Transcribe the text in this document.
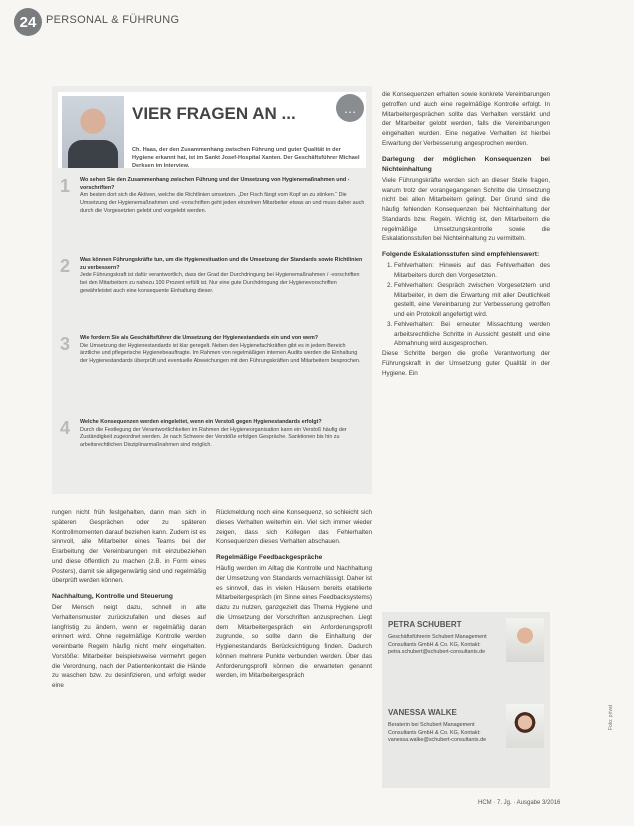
24 PERSONAL & FÜHRUNG
VIER FRAGEN AN ...	…
Ch. Haas, der den Zusammenhang zwischen Führung und guter Qualität in der Hygiene erkannt hat, ist im Sankt Josef-Hospital Xanten. Der Geschäftsführer Michael Derksen im Interview.
1 Wo sehen Sie den Zusammenhang zwischen Führung und der Umsetzung von Hygienemaßnahmen und -vorschriften?
Am besten dort sich die Aktiven, welche die Richtlinien umsetzen. „Der Fisch fängt vom Kopf an zu stinken.“ Die Umsetzung der Hygienemaßnahmen und -vorschriften geht jeden einzelnen Mitarbeiter etwas an und muss daher auch durch die Vorgesetzten gelebt und vorgelebt werden.
2 Was können Führungskräfte tun, um die Hygienesituation und die Umsetzung der Standards sowie Richtlinien zu verbessern?
Jede Führungskraft ist dafür verantwortlich, dass der Grad der Durchdringung bei Hygienemaßnahmen / -vorschriften bei den Mitarbeitern zu nahezu 100 Prozent erfüllt ist. Nur eine gute Durchdringung der Hygienevorschriften gewährleistet auch eine konsequente Einhaltung dieser.
3 Wie fordern Sie als Geschäftsführer die Umsetzung der Hygienestandards ein und von wem?
Die Umsetzung der Hygienestandards ist klar geregelt. Neben den Hygienefachkräften gibt es in jedem Bereich ärztliche und pflegerische Hygienebeauftragte. Im Rahmen von regelmäßigen internen Audits werden die Einhaltung der Hygienestandards überprüft und eventuelle Abweichungen mit den Führungskräften und Mitarbeitern besprochen.
4 Welche Konsequenzen werden eingeleitet, wenn ein Verstoß gegen Hygienestandards erfolgt?
Durch die Festlegung der Verantwortlichkeiten im Rahmen der Hygieneorganisation kann ein Verstoß häufig der Zuständigkeit zugeordnet werden. Je nach Schwere der Verstöße erfolgen Gespräche. Sanktionen bis hin zu arbeitsrechtlichen Disziplinarmaßnahmen sind möglich.

die Konsequenzen erhalten sowie konkrete Vereinbarungen getroffen und auch eine regelmäßige Kontrolle erfolgt. In Mitarbeitergesprächen sollte das Verhalten verstärkt und der Mitarbeiter gelobt werden, falls die Vereinbarungen eingehalten wurden. Eine negative Verhalten ist hierbei Erwartung der Verbesserung angesprochen werden.

Darlegung der möglichen Konsequenzen bei Nichteinhaltung

Viele Führungskräfte werden sich an dieser Stelle fragen, warum trotz der vorangegangenen Schritte die Umsetzung nicht bei allen Mitarbeitern gelingt. Der Grund sind die häufig fehlenden Konsequenzen bei Nichteinhaltung der Standards bzw. Regeln. Wichtig ist, den Mitarbeitern die regelmäßige Umsetzungskontrolle sowie die Eskalationsstufen bei Nichteinhaltung zu vermitteln.

Folgende Eskalationsstufen sind empfehlenswert:
1. Fehlverhalten: Hinweis auf das Fehlverhalten des Mitarbeiters durch den Vorgesetzten.
2. Fehlverhalten: Gespräch zwischen Vorgesetztem und Mitarbeiter, in dem die Erwartung mit aller Deutlichkeit gestellt, eine Vereinbarung zur Verbesserung getroffen und ein Protokoll angefertigt wird.
3. Fehlverhalten: Bei erneuter Missachtung werden arbeitsrechtliche Schritte in Aussicht gestellt und eine Abmahnung wird ausgesprochen.

Diese Schritte bergen die große Verantwortung der Führungskraft in der Umsetzung guter Qualität in der Hygiene. Ein

rungen nicht früh festgehalten, dann man sich in späteren Gesprächen oder zu späteren Kontrollmomenten darauf beziehen kann. Zudem ist es sinnvoll, alle Mitarbeiter eines Teams bei der Erarbeitung der Vereinbarungen mit einzubeziehen und diese öffentlich zu machen (z.B. in Form eines Posters), damit sie allgegenwärtig sind und regelmäßig überprüft werden können.

Nachhaltung, Kontrolle und Steuerung

Der Mensch neigt dazu, schnell in alte Verhaltensmuster zurückzufallen und dieses auf langfristig zu ändern, wenn er regelmäßig daran erinnert wird. Ohne regelmäßige Kontrolle werden vereinbarte Regeln häufig nicht mehr eingehalten. Vorstöße: Mitarbeiter beispielsweise vermehrt gegen die Verordnung, nach der Patientenkontakt die Hände zu waschen bzw. zu desinfizieren, und erfolgt weder eine

Rückmeldung noch eine Konsequenz, so schleicht sich dieses Verhalten weiterhin ein. Viel sich immer wieder zeigen, dass sich Kollegen das Fehlerhalten Konsequenzen dieses Verhalten abschauen.

Regelmäßige Feedbackgespräche

Häufig werden im Alltag die Kontrolle und Nachhaltung der Umsetzung von Standards vernachlässigt. Daher ist es sinnvoll, das in vielen Häusern bereits etablierte Mitarbeitergespräch (im Sinne eines Feedbacksystems) dazu zu nutzen, ganzgezielt das Thema Hygiene und die Umsetzung der Vorschriften anzusprechen. Liegt dem Mitarbeitergespräch ein Anforderungsprofil zugrunde, so sollte dann die Einhaltung der Hygienestandards Berücksichtigung finden. Dadurch können mehrere Punkte verbunden werden. Über das Anforderungsprofil können die erwarteten genannt werden, im Mitarbeitergespräch

PETRA SCHUBERT
Geschäftsführerin Schubert Management Consultants GmbH & Co. KG, Kontakt: petra.schubert@schubert-consultants.de
VANESSA WALKE
Beraterin bei Schubert Management Consultants GmbH & Co. KG, Kontakt: vanessa.walke@schubert-consultants.de
HCM · 7. Jg. · Ausgabe 3/2016
Foto: privat
